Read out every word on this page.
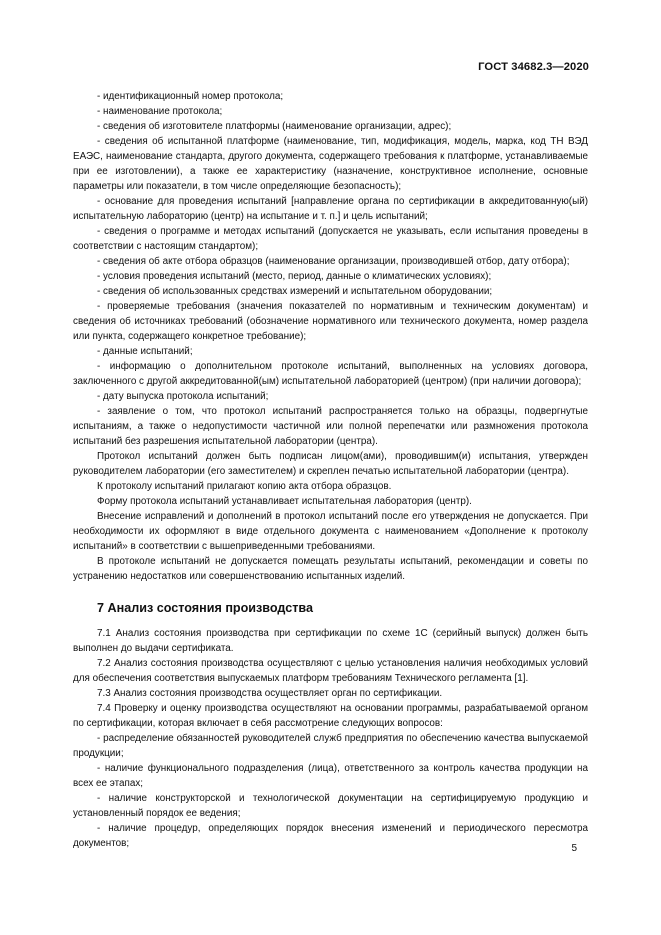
ГОСТ 34682.3—2020

- идентификационный номер протокола;

- наименование протокола;

- сведения об изготовителе платформы (наименование организации, адрес);

- сведения об испытанной платформе (наименование, тип, модификация, модель, марка, код ТН ВЭД ЕАЭС, наименование стандарта, другого документа, содержащего требования к платформе, устанавливаемые при ее изготовлении), а также ее характеристику (назначение, конструктивное исполнение, основные параметры или показатели, в том числе определяющие безопасность);

- основание для проведения испытаний [направление органа по сертификации в аккредитованную(ый) испытательную лабораторию (центр) на испытание и т. п.] и цель испытаний;

- сведения о программе и методах испытаний (допускается не указывать, если испытания проведены в соответствии с настоящим стандартом);

- сведения об акте отбора образцов (наименование организации, производившей отбор, дату отбора);

- условия проведения испытаний (место, период, данные о климатических условиях);

- сведения об использованных средствах измерений и испытательном оборудовании;

- проверяемые требования (значения показателей по нормативным и техническим документам) и сведения об источниках требований (обозначение нормативного или технического документа, номер раздела или пункта, содержащего конкретное требование);

- данные испытаний;

- информацию о дополнительном протоколе испытаний, выполненных на условиях договора, заключенного с другой аккредитованной(ым) испытательной лабораторией (центром) (при наличии договора);

- дату выпуска протокола испытаний;

- заявление о том, что протокол испытаний распространяется только на образцы, подвергнутые испытаниям, а также о недопустимости частичной или полной перепечатки или размножения протокола испытаний без разрешения испытательной лаборатории (центра).

Протокол испытаний должен быть подписан лицом(ами), проводившим(и) испытания, утвержден руководителем лаборатории (его заместителем) и скреплен печатью испытательной лаборатории (центра).

К протоколу испытаний прилагают копию акта отбора образцов.

Форму протокола испытаний устанавливает испытательная лаборатория (центр).

Внесение исправлений и дополнений в протокол испытаний после его утверждения не допускается. При необходимости их оформляют в виде отдельного документа с наименованием «Дополнение к протоколу испытаний» в соответствии с вышеприведенными требованиями.

В протоколе испытаний не допускается помещать результаты испытаний, рекомендации и советы по устранению недостатков или совершенствованию испытанных изделий.

7 Анализ состояния производства

7.1 Анализ состояния производства при сертификации по схеме 1С (серийный выпуск) должен быть выполнен до выдачи сертификата.

7.2 Анализ состояния производства осуществляют с целью установления наличия необходимых условий для обеспечения соответствия выпускаемых платформ требованиям Технического регламента [1].

7.3 Анализ состояния производства осуществляет орган по сертификации.

7.4 Проверку и оценку производства осуществляют на основании программы, разрабатываемой органом по сертификации, которая включает в себя рассмотрение следующих вопросов:

- распределение обязанностей руководителей служб предприятия по обеспечению качества выпускаемой продукции;

- наличие функционального подразделения (лица), ответственного за контроль качества продукции на всех ее этапах;

- наличие конструкторской и технологической документации на сертифицируемую продукцию и установленный порядок ее ведения;

- наличие процедур, определяющих порядок внесения изменений и периодического пересмотра документов;	5
